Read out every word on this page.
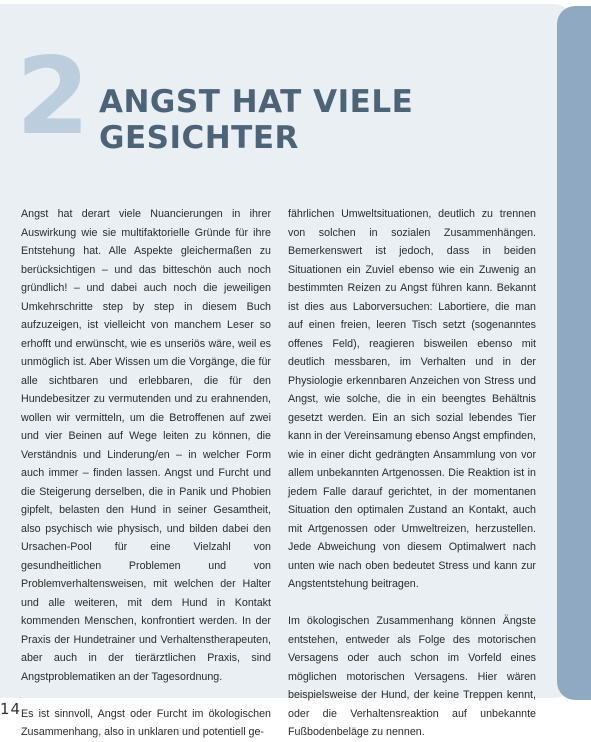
2 ANGST HAT VIELE
GESICHTER

Angst hat derart viele Nuancierungen in ihrer Auswirkung wie sie multifaktorielle Gründe für ihre Entstehung hat. Alle Aspekte gleichermaßen zu berücksichtigen – und das bitteschön auch noch gründlich! – und dabei auch noch die jeweiligen Umkehrschritte step by step in diesem Buch aufzuzeigen, ist vielleicht von manchem Leser so erhofft und erwünscht, wie es unseriös wäre, weil es unmöglich ist. Aber Wissen um die Vorgänge, die für alle sichtbaren und erlebbaren, die für den Hundebesitzer zu vermutenden und zu erahnenden, wollen wir vermitteln, um die Betroffenen auf zwei und vier Beinen auf Wege leiten zu können, die Verständnis und Linderung/en – in welcher Form auch immer – finden lassen. Angst und Furcht und die Steigerung derselben, die in Panik und Phobien gipfelt, belasten den Hund in seiner Gesamtheit, also psychisch wie physisch, und bilden dabei den Ursachen-Pool für eine Vielzahl von gesundheitlichen Problemen und von Problemverhaltensweisen, mit welchen der Halter und alle weiteren, mit dem Hund in Kontakt kommenden Menschen, konfrontiert werden. In der Praxis der Hundetrainer und Verhaltenstherapeuten, aber auch in der tierärztlichen Praxis, sind Angstproblematiken an der Tagesordnung.

Es ist sinnvoll, Angst oder Furcht im ökologischen Zusammenhang, also in unklaren und potentiell ge-

fährlichen Umweltsituationen, deutlich zu trennen von solchen in sozialen Zusammenhängen. Bemerkenswert ist jedoch, dass in beiden Situationen ein Zuviel ebenso wie ein Zuwenig an bestimmten Reizen zu Angst führen kann. Bekannt ist dies aus Laborversuchen: Labortiere, die man auf einen freien, leeren Tisch setzt (sogenanntes offenes Feld), reagieren bisweilen ebenso mit deutlich messbaren, im Verhalten und in der Physiologie erkennbaren Anzeichen von Stress und Angst, wie solche, die in ein beengtes Behältnis gesetzt werden. Ein an sich sozial lebendes Tier kann in der Vereinsamung ebenso Angst empfinden, wie in einer dicht gedrängten Ansammlung von vor allem unbekannten Artgenossen. Die Reaktion ist in jedem Falle darauf gerichtet, in der momentanen Situation den optimalen Zustand an Kontakt, auch mit Artgenossen oder Umweltreizen, herzustellen. Jede Abweichung von diesem Optimalwert nach unten wie nach oben bedeutet Stress und kann zur Angstentstehung beitragen.

Im ökologischen Zusammenhang können Ängste entstehen, entweder als Folge des motorischen Versagens oder auch schon im Vorfeld eines möglichen motorischen Versagens. Hier wären beispielsweise der Hund, der keine Treppen kennt, oder die Verhaltensreaktion auf unbekannte Fußbodenbeläge zu nennen.

14
